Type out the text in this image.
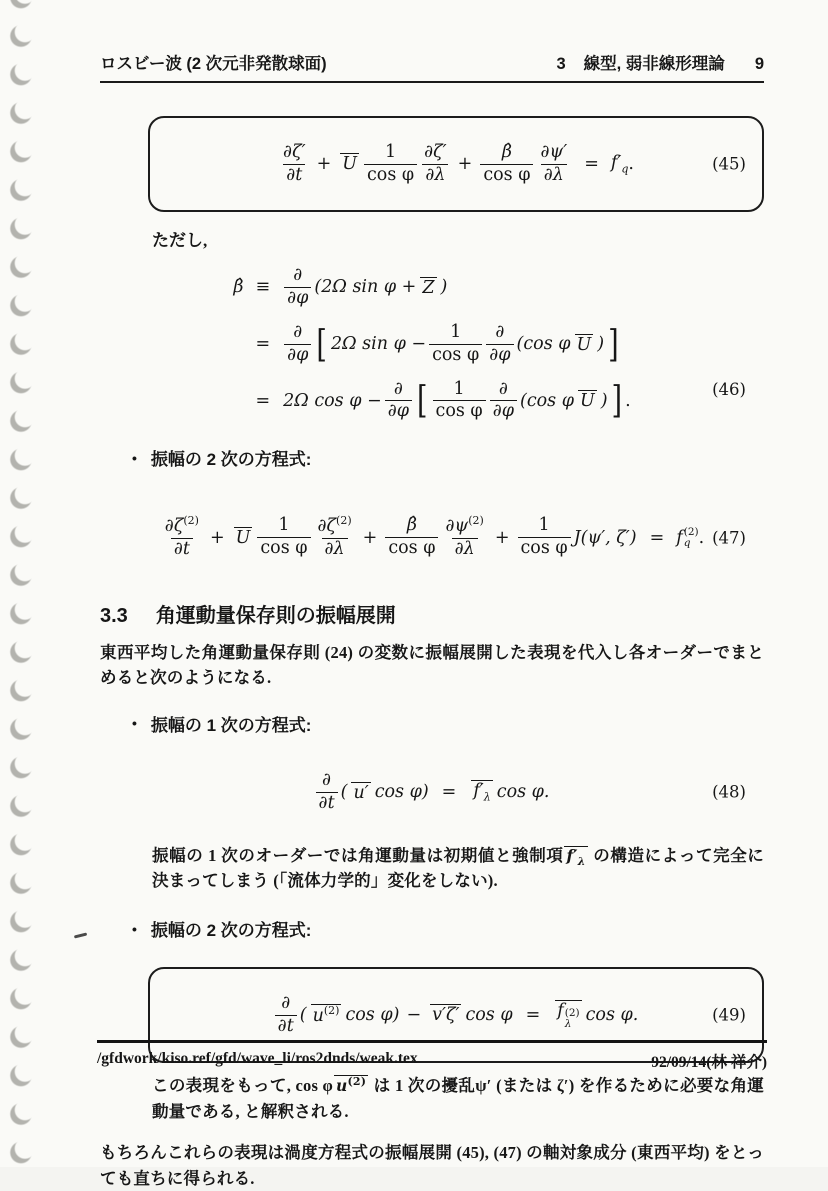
ロスビー波 (2 次元非発散球面)	3 線型, 弱非線形理論 9
$\frac{\partial\zeta'}{\partial t} + U \frac{1}{\text{cos φ}} \frac{\partial\zeta'}{\partial\lambda} + \frac{\betâ}{\text{cos φ}} \frac{\partial\psi'}{\partial\lambda} = f'_q$ .	(45)

ただし,

β̂ ≡ $\frac{\partial}{\partial\varphi} (2\Omega$ sin φ + Z )
= $\frac{\partial}{\partial\varphi}$ [ 2Ω $\sin \varphi - \frac{1}{\text{cos φ}} \frac{\partial}{\partial\varphi} (\cos$ φ U ) ]
= 2Ω $\cos \varphi - \frac{\partial}{\partial\varphi}$ [ $\frac{1}{\text{cos φ}} \frac{\partial}{\partial\varphi} (\cos$ φ U ) ] .
(46)
• 振幅の 2 次の方程式:
$\frac{\partial\zeta^{(2)}}{\partial t} + U \frac{1}{\text{cos φ}} \frac{\partial\zeta^{(2)}}{\partial\lambda} + \frac{\betâ}{\text{cos φ}} \frac{\partial\psi^{(2)}}{\partial\lambda} + \frac{1}{\text{cos φ}} J(\psi'$, ζ′) = f (2)
q . (47)
3.3 角運動量保存則の振幅展開

東西平均した角運動量保存則 (24) の変数に振幅展開した表現を代入し各オーダーでまとめると次のようになる.

• 振幅の 1 次の方程式:
$\frac{\partial}{\partial t}$ ( u′ $\cos \varphi) = f'_\lambda$ cos φ.	(48)

振幅の 1 次のオーダーでは角運動量は初期値と強制項 $f'_\lambda$ の構造によって完全に決まってしまう (「流体力学的」変化をしない).

• 振幅の 2 次の方程式:
$\frac{\partial}{\partial t}$ ( $u^{(2)}$ cos φ) − v′ζ′ cos φ = f (2)
λ cos φ.	(49)

この表現をもって, cos φ $u^{(2)}$ は 1 次の擾乱ψ′ (または ζ′) を作るために必要な角運動量である, と解釈される.

もちろんこれらの表現は渦度方程式の振幅展開 (45), (47) の軸対象成分 (東西平均) をとっても直ちに得られる.

/gfdwork/kiso.ref/gfd/wave_li/ros2dnds/weak.tex	92/09/14(林 祥介)
